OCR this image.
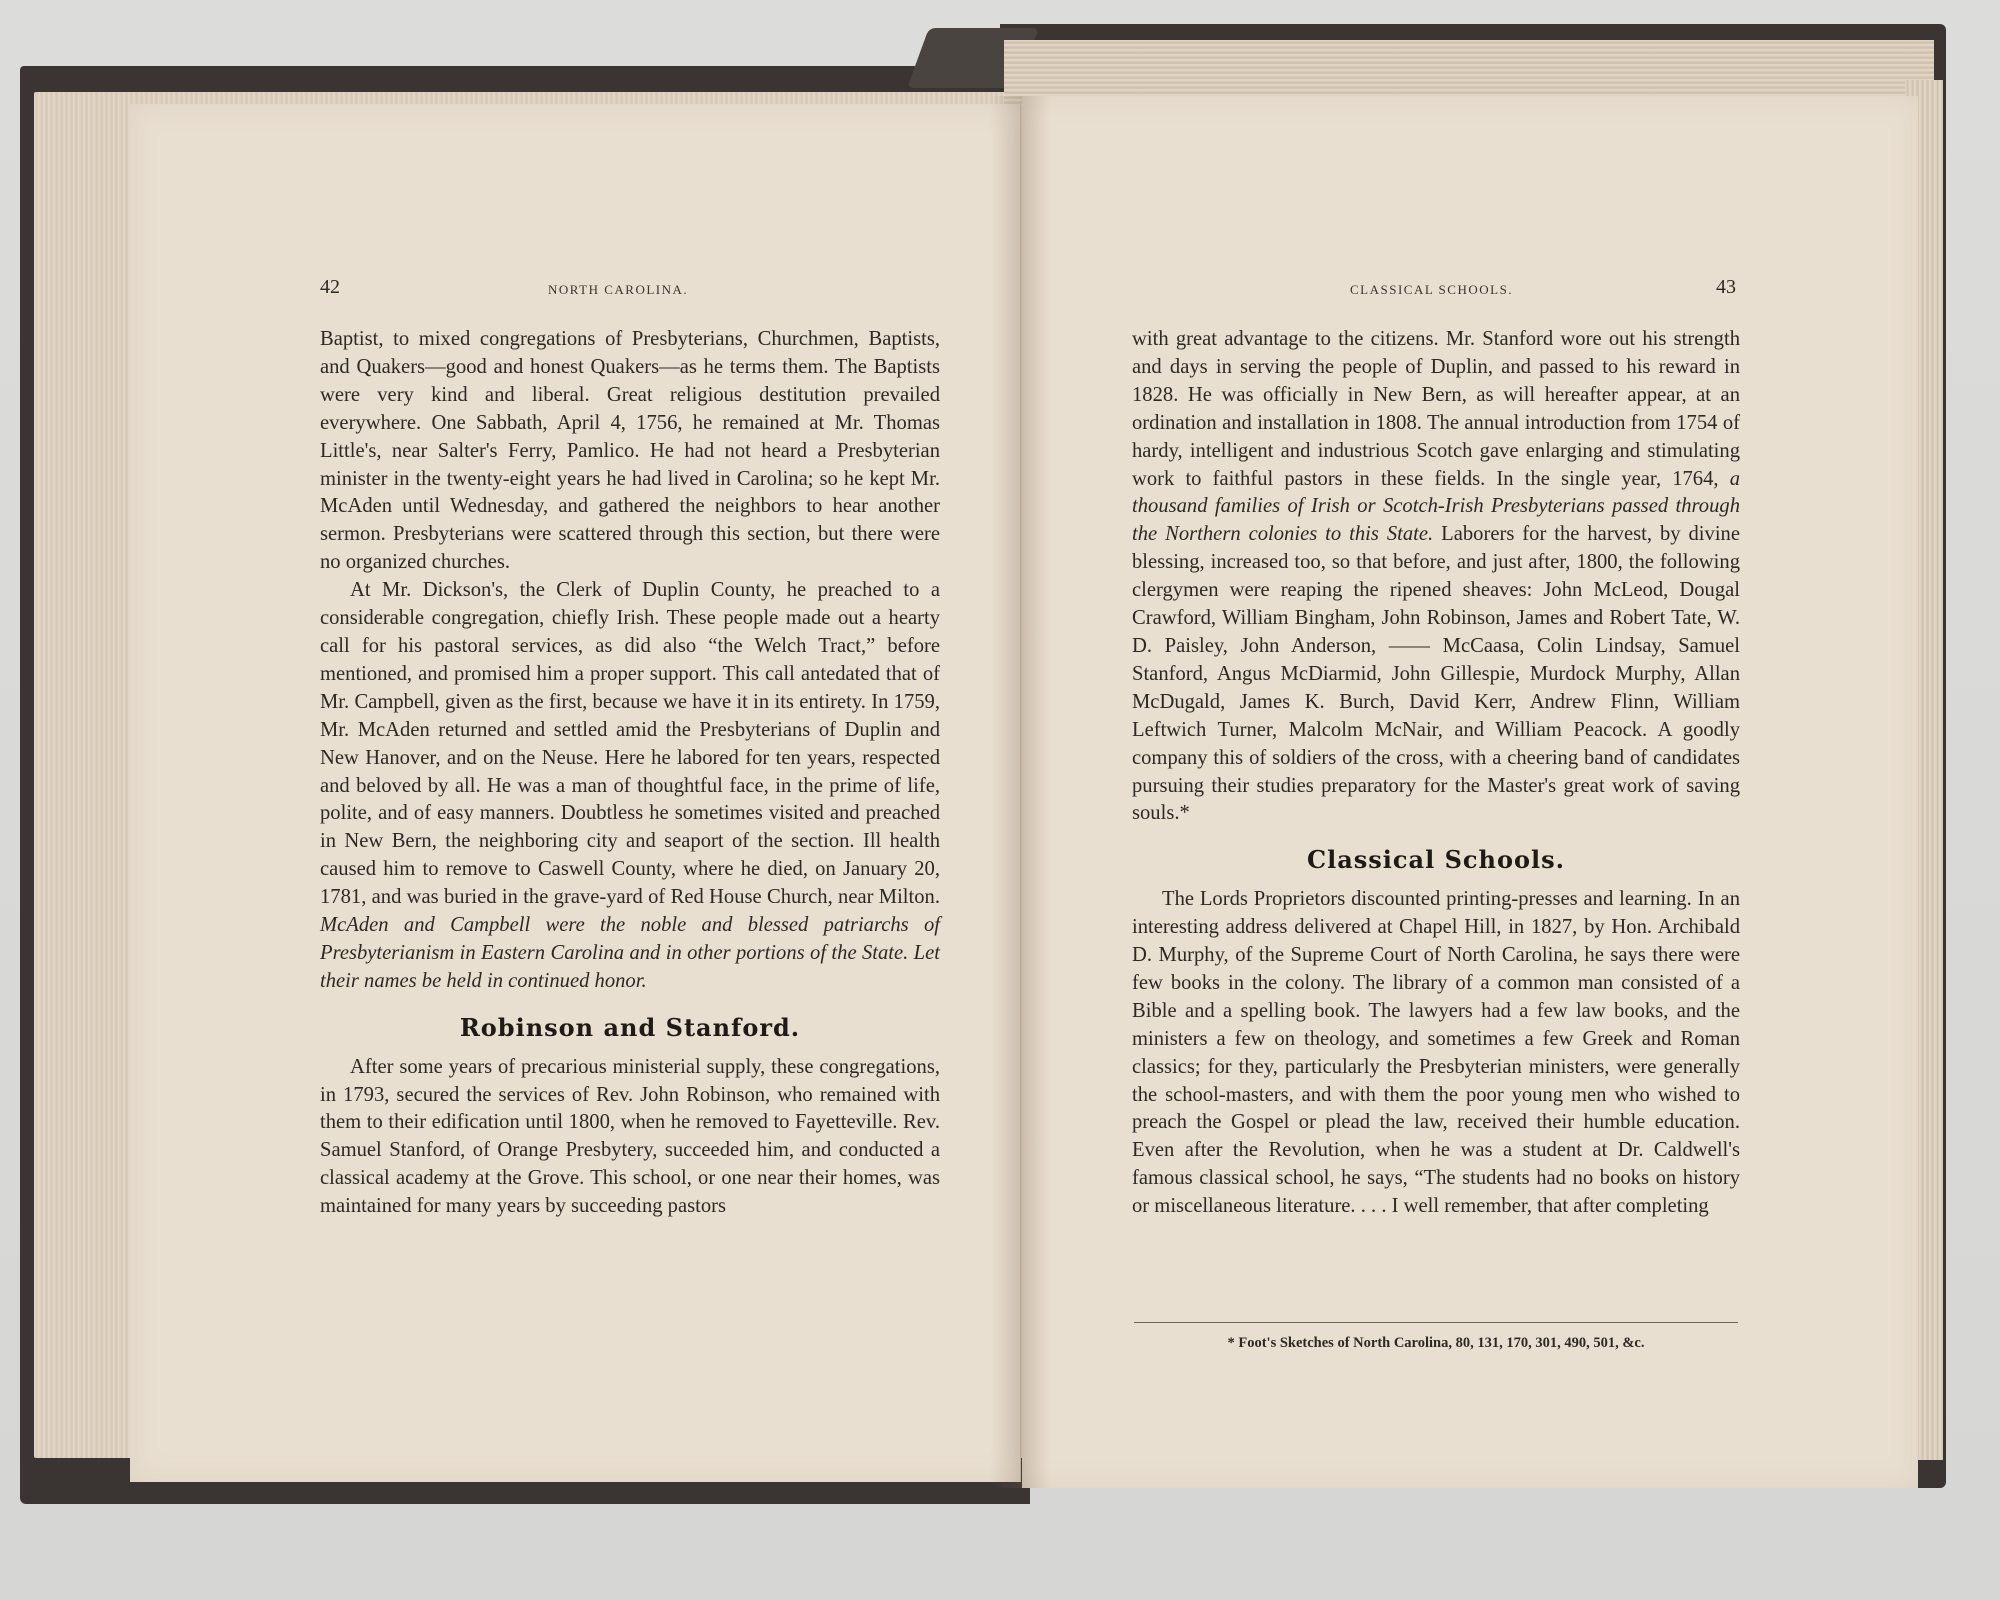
42	NORTH CAROLINA.

Baptist, to mixed congregations of Presbyterians, Churchmen, Baptists, and Quakers—good and honest Quakers—as he terms them. The Baptists were very kind and liberal. Great religious destitution prevailed everywhere. One Sabbath, April 4, 1756, he remained at Mr. Thomas Little's, near Salter's Ferry, Pamlico. He had not heard a Presbyterian minister in the twenty-eight years he had lived in Carolina; so he kept Mr. McAden until Wednesday, and gathered the neighbors to hear another sermon. Presbyterians were scattered through this section, but there were no organized churches.

At Mr. Dickson's, the Clerk of Duplin County, he preached to a considerable congregation, chiefly Irish. These people made out a hearty call for his pastoral services, as did also “the Welch Tract,” before mentioned, and promised him a proper support. This call antedated that of Mr. Campbell, given as the first, because we have it in its entirety. In 1759, Mr. McAden returned and settled amid the Presbyterians of Duplin and New Hanover, and on the Neuse. Here he labored for ten years, respected and beloved by all. He was a man of thoughtful face, in the prime of life, polite, and of easy manners. Doubtless he sometimes visited and preached in New Bern, the neighboring city and seaport of the section. Ill health caused him to remove to Caswell County, where he died, on January 20, 1781, and was buried in the grave-yard of Red House Church, near Milton. McAden and Campbell were the noble and blessed patriarchs of Presbyterianism in Eastern Carolina and in other portions of the State. Let their names be held in continued honor.

Robinson and Stanford.

After some years of precarious ministerial supply, these congregations, in 1793, secured the services of Rev. John Robinson, who remained with them to their edification until 1800, when he removed to Fayetteville. Rev. Samuel Stanford, of Orange Presbytery, succeeded him, and conducted a classical academy at the Grove. This school, or one near their homes, was maintained for many years by succeeding pastors

CLASSICAL SCHOOLS.	43

with great advantage to the citizens. Mr. Stanford wore out his strength and days in serving the people of Duplin, and passed to his reward in 1828. He was officially in New Bern, as will hereafter appear, at an ordination and installation in 1808. The annual introduction from 1754 of hardy, intelligent and industrious Scotch gave enlarging and stimulating work to faithful pastors in these fields. In the single year, 1764, a thousand families of Irish or Scotch-Irish Presbyterians passed through the Northern colonies to this State. Laborers for the harvest, by divine blessing, increased too, so that before, and just after, 1800, the following clergymen were reaping the ripened sheaves: John McLeod, Dougal Crawford, William Bingham, John Robinson, James and Robert Tate, W. D. Paisley, John Anderson, —— McCaasa, Colin Lindsay, Samuel Stanford, Angus McDiarmid, John Gillespie, Murdock Murphy, Allan McDugald, James K. Burch, David Kerr, Andrew Flinn, William Leftwich Turner, Malcolm McNair, and William Peacock. A goodly company this of soldiers of the cross, with a cheering band of candidates pursuing their studies preparatory for the Master's great work of saving souls.*

Classical Schools.

The Lords Proprietors discounted printing-presses and learning. In an interesting address delivered at Chapel Hill, in 1827, by Hon. Archibald D. Murphy, of the Supreme Court of North Carolina, he says there were few books in the colony. The library of a common man consisted of a Bible and a spelling book. The lawyers had a few law books, and the ministers a few on theology, and sometimes a few Greek and Roman classics; for they, particularly the Presbyterian ministers, were generally the school-masters, and with them the poor young men who wished to preach the Gospel or plead the law, received their humble education. Even after the Revolution, when he was a student at Dr. Caldwell's famous classical school, he says, “The students had no books on history or miscellaneous literature. . . . I well remember, that after completing

* Foot's Sketches of North Carolina, 80, 131, 170, 301, 490, 501, &c.
